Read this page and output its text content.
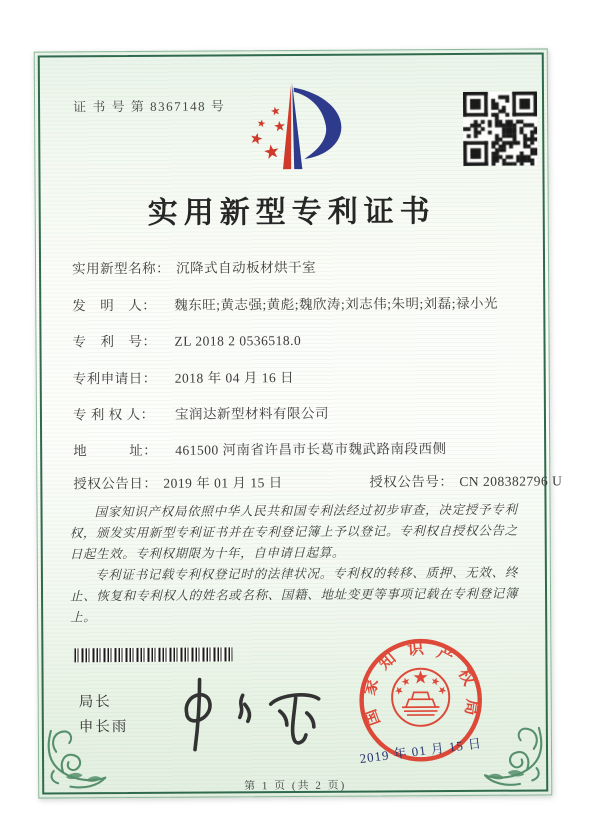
证 书 号 第 8367148 号
实用新型专利证书
实用新型名称： 沉降式自动板材烘干室
发　明　人： 魏东旺;黄志强;黄彪;魏欣涛;刘志伟;朱明;刘磊;禄小光
专　利　号： ZL 2018 2 0536518.0
专利申请日： 2018 年 04 月 16 日
专 利 权 人： 宝润达新型材料有限公司
地　　　址： 461500 河南省许昌市长葛市魏武路南段西侧
授权公告日： 2019 年 01 月 15 日	授权公告号： CN 208382796 U

国家知识产权局依照中华人民共和国专利法经过初步审查，决定授予专利权，颁发实用新型专利证书并在专利登记簿上予以登记。专利权自授权公告之日起生效。专利权期限为十年，自申请日起算。

专利证书记载专利权登记时的法律状况。专利权的转移、质押、无效、终止、恢复和专利权人的姓名或名称、国籍、地址变更等事项记载在专利登记簿上。

局长
申长雨	国家知识产权局
2019 年 01 月 15 日
第 1 页 (共 2 页)
